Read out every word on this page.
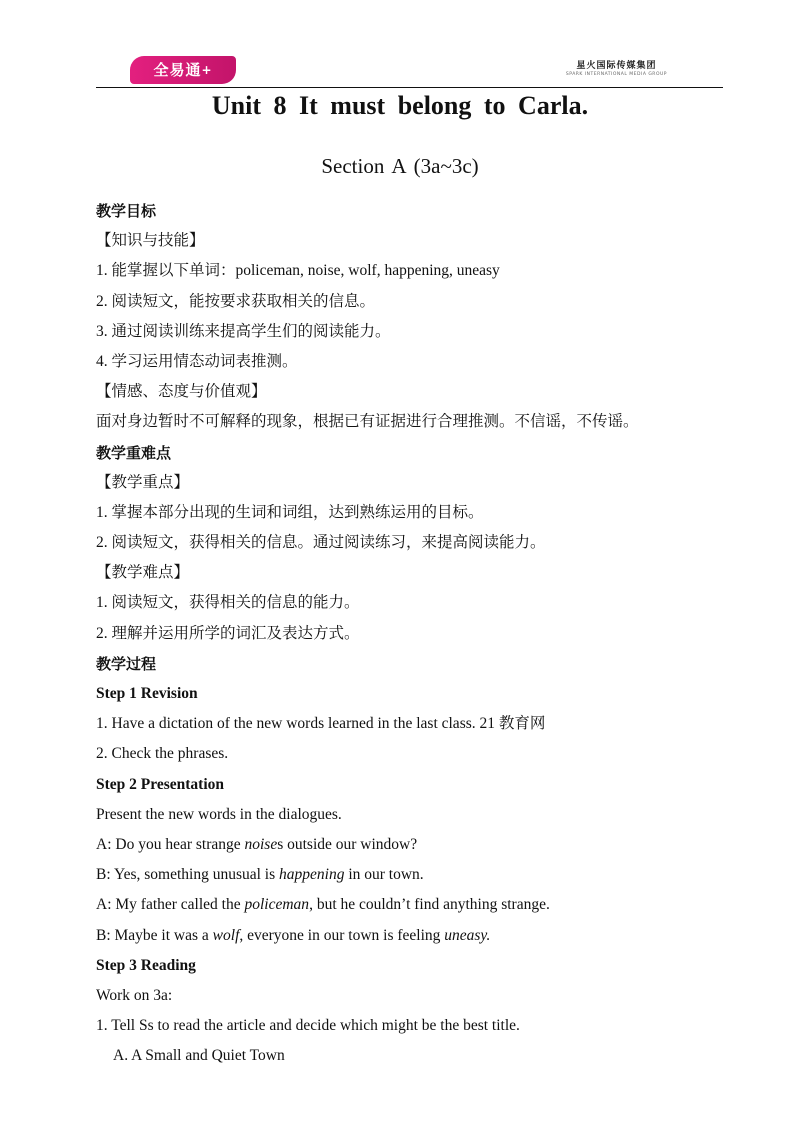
全易通+	星火国际传媒集团
SPARK INTERNATIONAL MEDIA GROUP
Unit 8 It must belong to Carla.
Section A (3a~3c)
教学目标
【知识与技能】
1. 能掌握以下单词：policeman, noise, wolf, happening, uneasy
2. 阅读短文，能按要求获取相关的信息。
3. 通过阅读训练来提高学生们的阅读能力。
4. 学习运用情态动词表推测。
【情感、态度与价值观】
面对身边暂时不可解释的现象，根据已有证据进行合理推测。不信谣，不传谣。
教学重难点
【教学重点】
1. 掌握本部分出现的生词和词组，达到熟练运用的目标。
2. 阅读短文，获得相关的信息。通过阅读练习，来提高阅读能力。
【教学难点】
1. 阅读短文，获得相关的信息的能力。
2. 理解并运用所学的词汇及表达方式。
教学过程
Step 1 Revision
1. Have a dictation of the new words learned in the last class. 21 教育网
2. Check the phrases.
Step 2 Presentation
Present the new words in the dialogues.
A: Do you hear strange noises outside our window?
B: Yes, something unusual is happening in our town.
A: My father called the policeman, but he couldn’t find anything strange.
B: Maybe it was a wolf, everyone in our town is feeling uneasy.
Step 3 Reading
Work on 3a:
1. Tell Ss to read the article and decide which might be the best title.
A. A Small and Quiet Town
